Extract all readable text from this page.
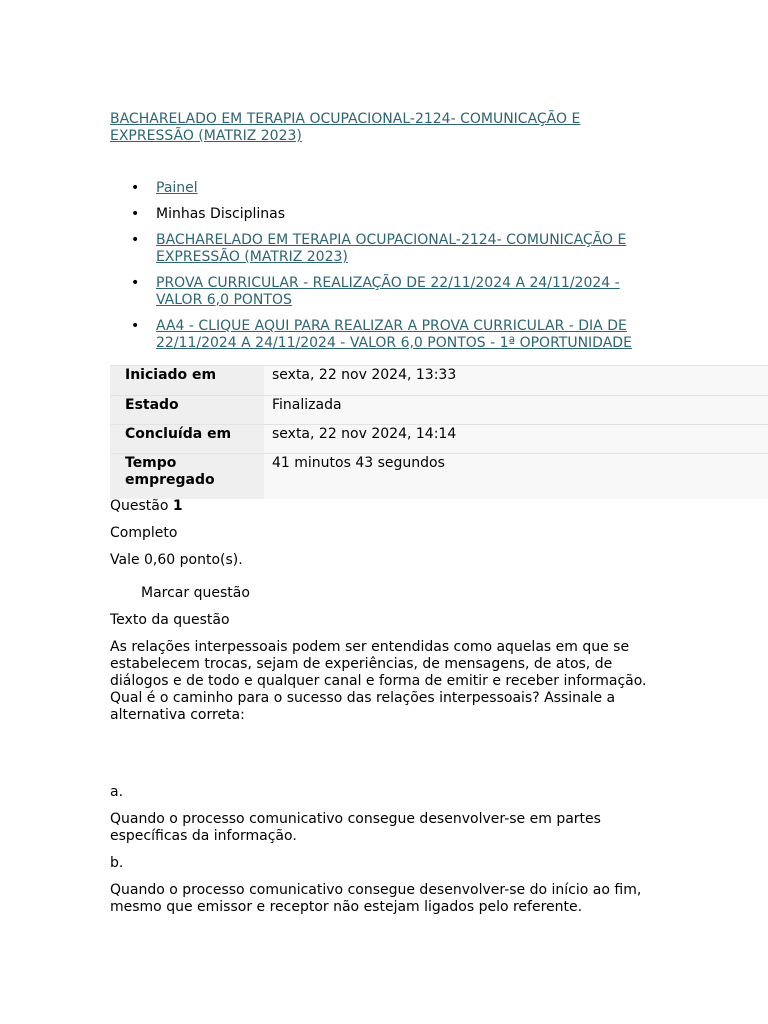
BACHARELADO EM TERAPIA OCUPACIONAL-2124- COMUNICAÇÃO E EXPRESSÃO (MATRIZ 2023)
• Painel
• Minhas Disciplinas
• BACHARELADO EM TERAPIA OCUPACIONAL-2124- COMUNICAÇÃO E EXPRESSÃO (MATRIZ 2023)
• PROVA CURRICULAR - REALIZAÇÃO DE 22/11/2024 A 24/11/2024 - VALOR 6,0 PONTOS
• AA4 - CLIQUE AQUI PARA REALIZAR A PROVA CURRICULAR - DIA DE 22/11/2024 A 24/11/2024 - VALOR 6,0 PONTOS - 1ª OPORTUNIDADE
Iniciado em	sexta, 22 nov 2024, 13:33
Estado	Finalizada
Concluída em	sexta, 22 nov 2024, 14:14
Tempo empregado	41 minutos 43 segundos

Questão 1

Completo

Vale 0,60 ponto(s).

Marcar questão

Texto da questão

As relações interpessoais podem ser entendidas como aquelas em que se estabelecem trocas, sejam de experiências, de mensagens, de atos, de diálogos e de todo e qualquer canal e forma de emitir e receber informação. Qual é o caminho para o sucesso das relações interpessoais? Assinale a alternativa correta:

a.

Quando o processo comunicativo consegue desenvolver-se em partes específicas da informação.

b.

Quando o processo comunicativo consegue desenvolver-se do início ao fim, mesmo que emissor e receptor não estejam ligados pelo referente.
